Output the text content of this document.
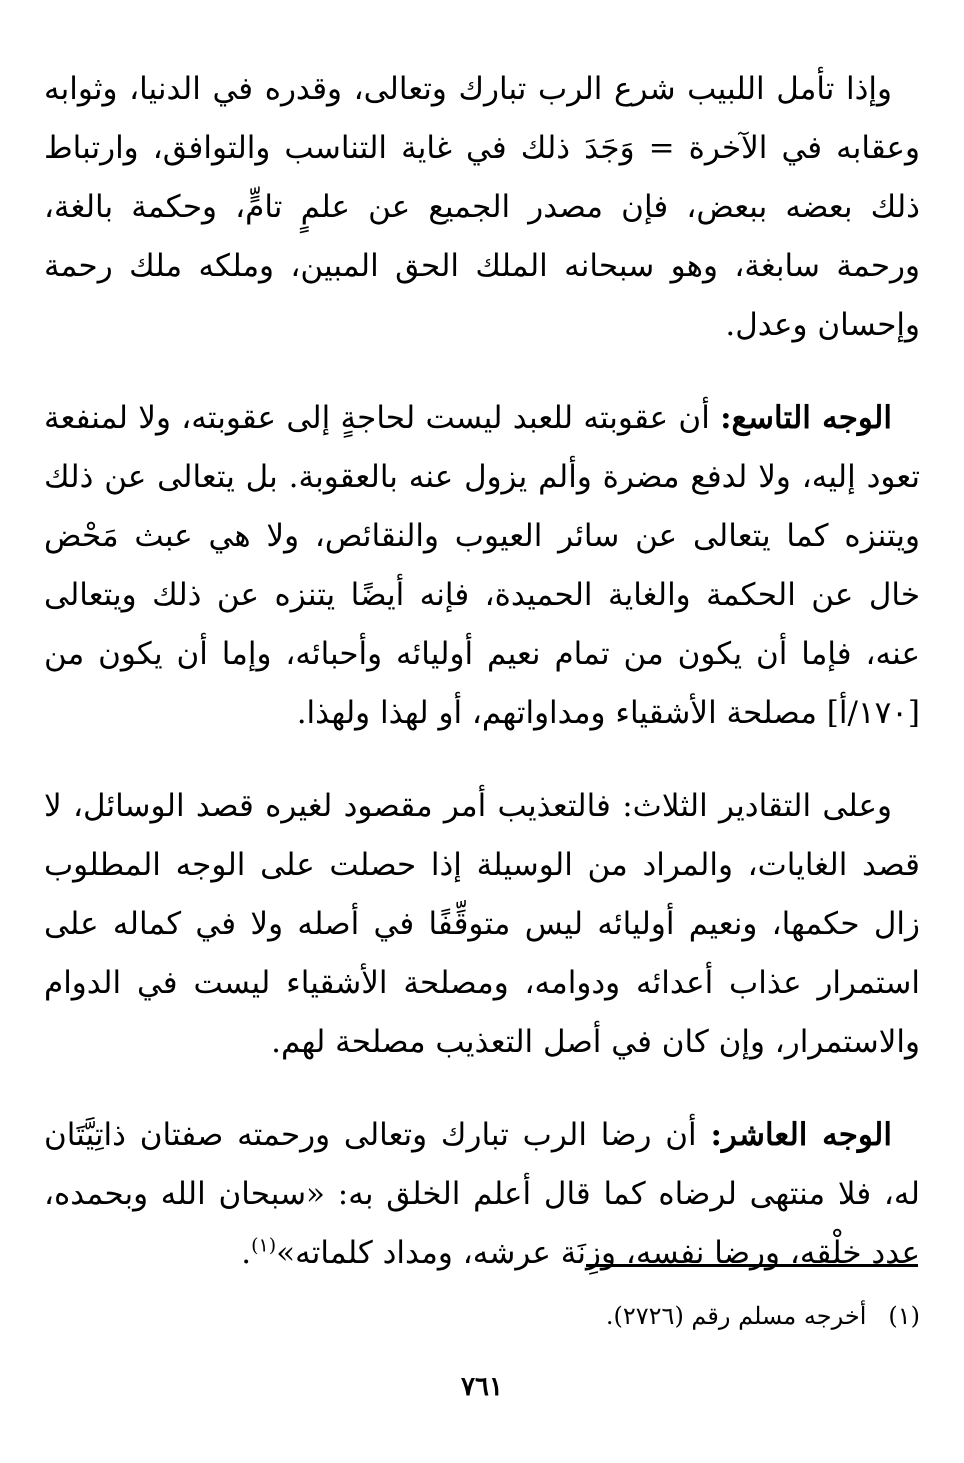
وإذا تأمل اللبيب شرع الرب تبارك وتعالى، وقدره في الدنيا، وثوابه وعقابه في الآخرة = وَجَدَ ذلك في غاية التناسب والتوافق، وارتباط ذلك بعضه ببعض، فإن مصدر الجميع عن علمٍ تامٍّ، وحكمة بالغة، ورحمة سابغة، وهو سبحانه الملك الحق المبين، وملكه ملك رحمة وإحسان وعدل.

الوجه التاسع: أن عقوبته للعبد ليست لحاجةٍ إلى عقوبته، ولا لمنفعة تعود إليه، ولا لدفع مضرة وألم يزول عنه بالعقوبة. بل يتعالى عن ذلك ويتنزه كما يتعالى عن سائر العيوب والنقائص، ولا هي عبث مَحْض خال عن الحكمة والغاية الحميدة، فإنه أيضًا يتنزه عن ذلك ويتعالى عنه، فإما أن يكون من تمام نعيم أوليائه وأحبائه، وإما أن يكون من [١٧٠/أ] مصلحة الأشقياء ومداواتهم، أو لهذا ولهذا.

وعلى التقادير الثلاث: فالتعذيب أمر مقصود لغيره قصد الوسائل، لا قصد الغايات، والمراد من الوسيلة إذا حصلت على الوجه المطلوب زال حكمها، ونعيم أوليائه ليس متوقِّفًا في أصله ولا في كماله على استمرار عذاب أعدائه ودوامه، ومصلحة الأشقياء ليست في الدوام والاستمرار، وإن كان في أصل التعذيب مصلحة لهم.

الوجه العاشر: أن رضا الرب تبارك وتعالى ورحمته صفتان ذاتِيَّتَان له، فلا منتهى لرضاه كما قال أعلم الخلق به: «سبحان الله وبحمده، عدد خلْقه، ورضا نفسه، وزِنَة عرشه، ومداد كلماته»$^{(١)}$.

(١)أخرجه مسلم رقم (٢٧٢٦).
٧٦١
